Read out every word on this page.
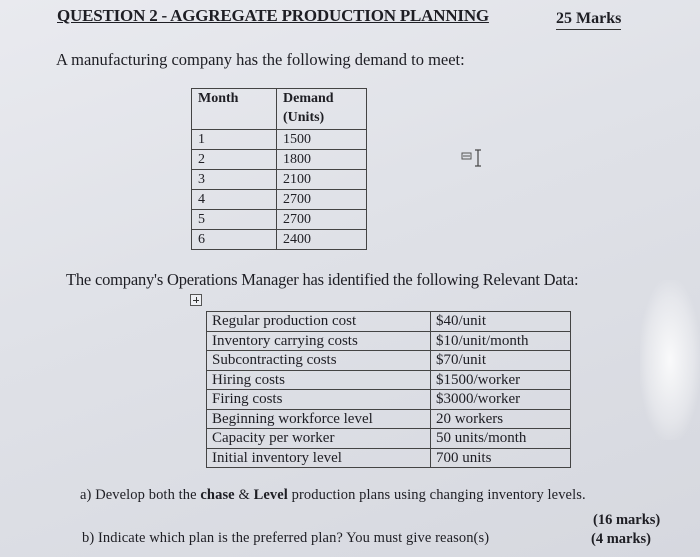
QUESTION 2 - AGGREGATE PRODUCTION PLANNING	25 Marks
A manufacturing company has the following demand to meet:
Month	Demand (Units)
1	1500
2	1800
3	2100
4	2700
5	2700
6	2400
The company's Operations Manager has identified the following Relevant Data:
Regular production cost	$40/unit
Inventory carrying costs	$10/unit/month
Subcontracting costs	$70/unit
Hiring costs	$1500/worker
Firing costs	$3000/worker
Beginning workforce level	20 workers
Capacity per worker	50 units/month
Initial inventory level	700 units
a) Develop both the chase & Level production plans using changing inventory levels.
(16 marks)
b) Indicate which plan is the preferred plan? You must give reason(s)	(4 marks)
